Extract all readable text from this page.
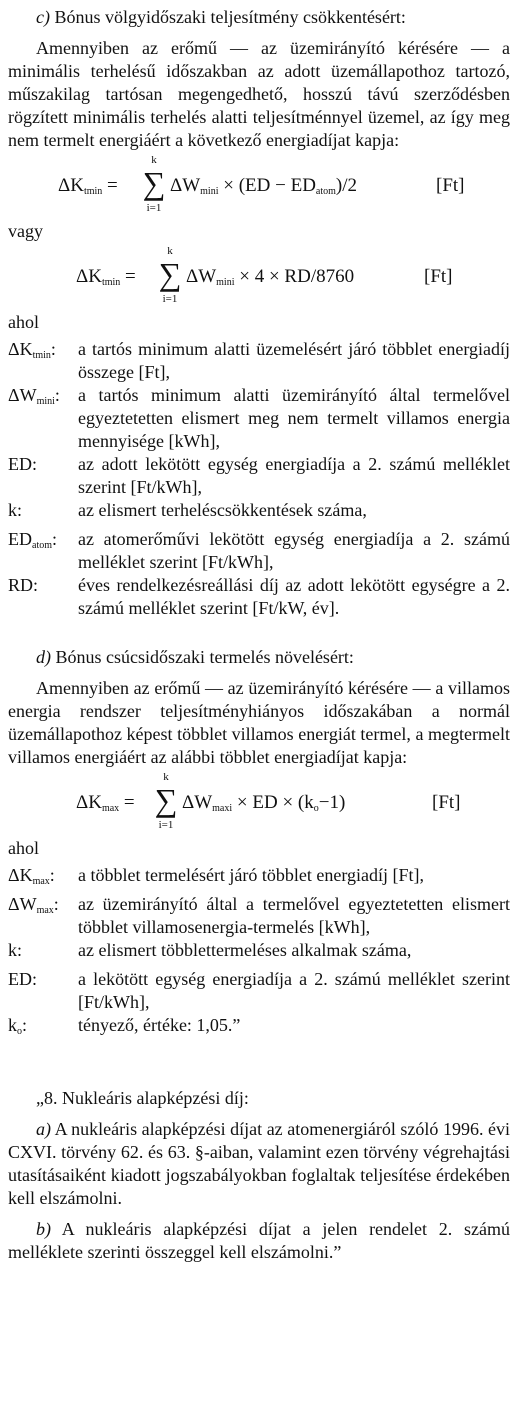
c) Bónus völgyidőszaki teljesítmény csökkentésért:

Amennyiben az erőmű — az üzemirányító kérésére — a minimális terhelésű időszakban az adott üzemállapothoz tartozó, műszakilag tartósan megengedhető, hosszú távú szerződésben rögzített minimális terhelés alatti teljesítménnyel üzemel, az így meg nem termelt energiáért a következő energiadíjat kapja:

$\Delta K_{tmin}$ =
k
∑
i=1
$\Delta W_{mini} \times (ED - ED_{atom})/2$	[Ft]

vagy

$\Delta K_{tmin}$ =
k
∑
i=1
$\Delta W_{mini} \times 4 \times RD/8760$	[Ft]

ahol

$\Delta K_{tmin}$:	a tartós minimum alatti üzemelésért járó többlet energiadíj összege [Ft],
$\Delta W_{mini}$:	a tartós minimum alatti üzemirányító által termelővel egyeztetetten elismert meg nem termelt villamos energia mennyisége [kWh],
ED:	az adott lekötött egység energiadíja a 2. számú melléklet szerint [Ft/kWh],
k:	az elismert terheléscsökkentések száma,
$ED_{atom}$:	az atomerőművi lekötött egység energiadíja a 2. számú melléklet szerint [Ft/kWh],
RD:	éves rendelkezésreállási díj az adott lekötött egységre a 2. számú melléklet szerint [Ft/kW, év].

d) Bónus csúcsidőszaki termelés növelésért:

Amennyiben az erőmű — az üzemirányító kérésére — a villamos energia rendszer teljesítményhiányos időszakában a normál üzemállapothoz képest többlet villamos energiát termel, a megtermelt villamos energiáért az alábbi többlet energiadíjat kapja:

$\Delta K_{max}$ =
k
∑
i=1
$\Delta W_{maxi}$ × ED × $(k_o-1)$	[Ft]

ahol

$\Delta K_{max}$:	a többlet termelésért járó többlet energiadíj [Ft],
$\Delta W_{max}$:	az üzemirányító által a termelővel egyeztetetten elismert többlet villamosenergia-termelés [kWh],
k:	az elismert többlettermeléses alkalmak száma,
ED:	a lekötött egység energiadíja a 2. számú melléklet szerint [Ft/kWh],
$k_o$:	tényező, értéke: 1,05.”

„8. Nukleáris alapképzési díj:

a) A nukleáris alapképzési díjat az atomenergiáról szóló 1996. évi CXVI. törvény 62. és 63. §-aiban, valamint ezen törvény végrehajtási utasításaiként kiadott jogszabályokban foglaltak teljesítése érdekében kell elszámolni.

b) A nukleáris alapképzési díjat a jelen rendelet 2. számú melléklete szerinti összeggel kell elszámolni.”
